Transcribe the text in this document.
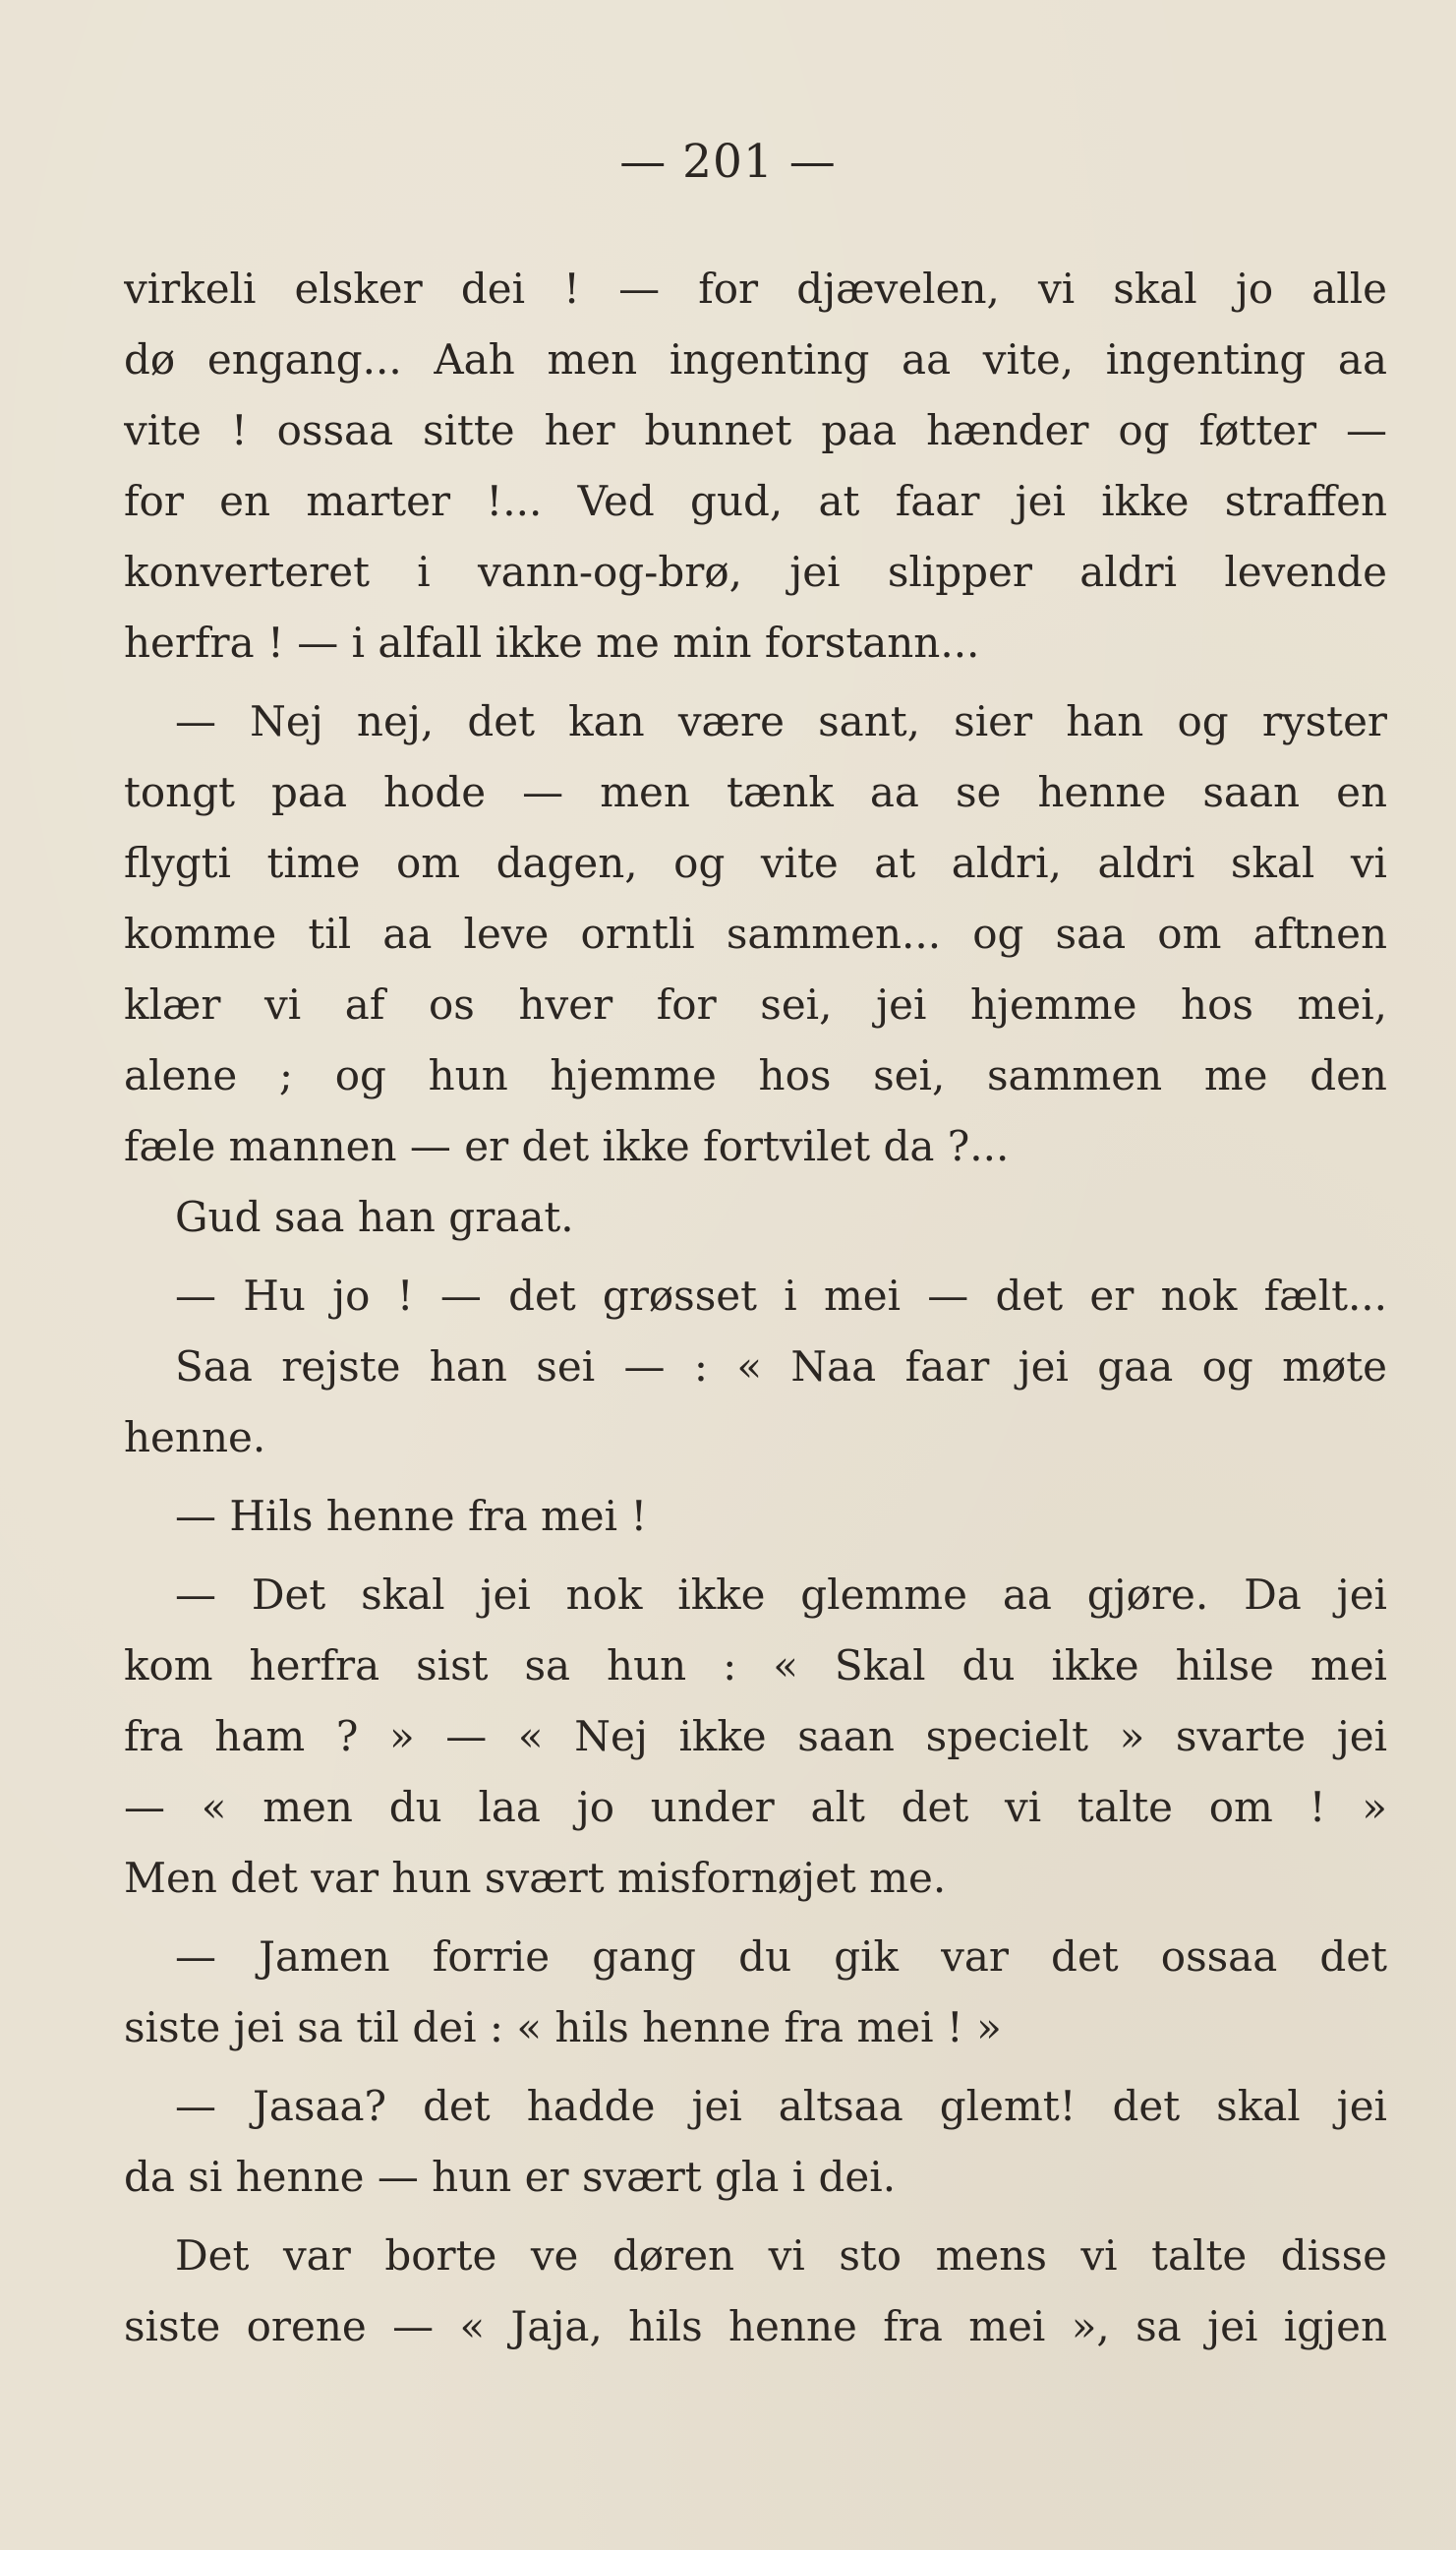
— 201 —
virkeli elsker dei ! — for djævelen, vi skal jo alle
dø engang... Aah men ingenting aa vite, ingenting aa
vite ! ossaa sitte her bunnet paa hænder og føtter —
for en marter !... Ved gud, at faar jei ikke straffen
konverteret i vann-og-brø, jei slipper aldri levende
herfra ! — i alfall ikke me min forstann...
— Nej nej, det kan være sant, sier han og ryster
tongt paa hode — men tænk aa se henne saan en
flygti time om dagen, og vite at aldri, aldri skal vi
komme til aa leve orntli sammen... og saa om aftnen
klær vi af os hver for sei, jei hjemme hos mei,
alene ; og hun hjemme hos sei, sammen me den
fæle mannen — er det ikke fortvilet da ?...
Gud saa han graat.
— Hu jo ! — det grøsset i mei — det er nok fælt...
Saa rejste han sei — : « Naa faar jei gaa og møte
henne.
— Hils henne fra mei !
— Det skal jei nok ikke glemme aa gjøre. Da jei
kom herfra sist sa hun : « Skal du ikke hilse mei
fra ham ? » — « Nej ikke saan specielt » svarte jei
— « men du laa jo under alt det vi talte om ! »
Men det var hun svært misfornøjet me.
— Jamen forrie gang du gik var det ossaa det
siste jei sa til dei : « hils henne fra mei ! »
— Jasaa? det hadde jei altsaa glemt! det skal jei
da si henne — hun er svært gla i dei.
Det var borte ve døren vi sto mens vi talte disse
siste orene — « Jaja, hils henne fra mei », sa jei igjen
